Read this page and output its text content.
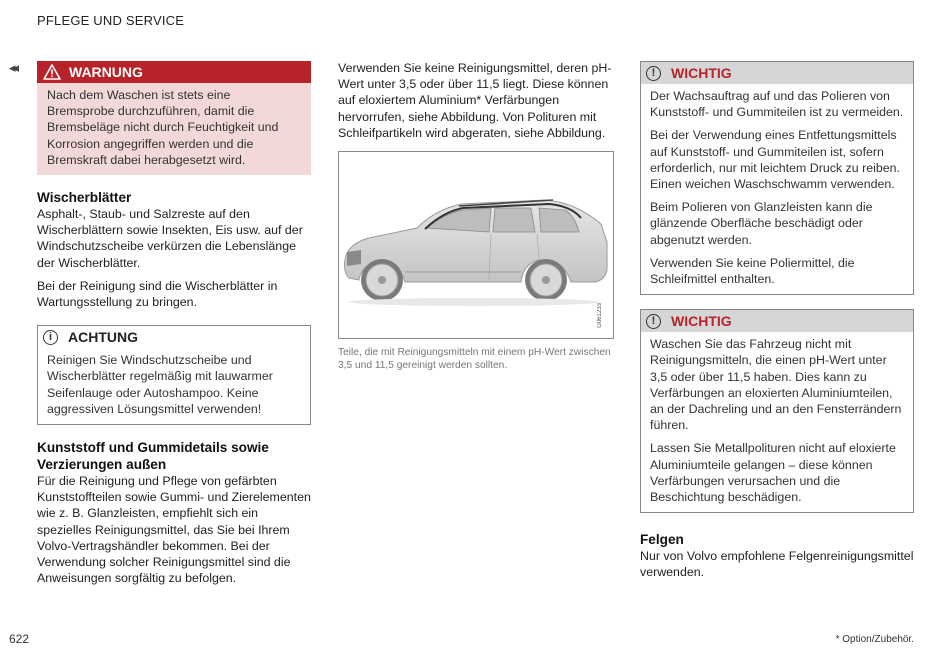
PFLEGE UND SERVICE
◂◂	WARNUNG

Nach dem Waschen ist stets eine Bremsprobe durchzuführen, damit die Bremsbeläge nicht durch Feuchtigkeit und Korrosion angegriffen werden und die Bremskraft dabei herabgesetzt wird.

Wischerblätter

Asphalt-, Staub- und Salzreste auf den Wischerblättern sowie Insekten, Eis usw. auf der Windschutzscheibe verkürzen die Lebenslänge der Wischerblätter.

Bei der Reinigung sind die Wischerblätter in Wartungsstellung zu bringen.

i	ACHTUNG

Reinigen Sie Windschutzscheibe und Wischerblätter regelmäßig mit lauwarmer Seifenlauge oder Autoshampoo. Keine aggressiven Lösungsmittel verwenden!

Kunststoff und Gummidetails sowie Verzierungen außen

Für die Reinigung und Pflege von gefärbten Kunststoffteilen sowie Gummi- und Zierelementen wie z. B. Glanzleisten, empfiehlt sich ein spezielles Reinigungsmittel, das Sie bei Ihrem Volvo-Vertragshändler bekommen. Bei der Verwendung solcher Reinigungsmittel sind die Anweisungen sorgfältig zu befolgen.

Verwenden Sie keine Reinigungsmittel, deren pH-Wert unter 3,5 oder über 11,5 liegt. Diese können auf eloxiertem Aluminium* Verfärbungen hervorrufen, siehe Abbildung. Von Polituren mit Schleifpartikeln wird abgeraten, siehe Abbildung.

G061233
Teile, die mit Reinigungsmitteln mit einem pH-Wert zwischen 3,5 und 11,5 gereinigt werden sollten.
!	WICHTIG

Der Wachsauftrag auf und das Polieren von Kunststoff- und Gummiteilen ist zu vermeiden.

Bei der Verwendung eines Entfettungsmittels auf Kunststoff- und Gummiteilen ist, sofern erforderlich, nur mit leichtem Druck zu reiben. Einen weichen Waschschwamm verwenden.

Beim Polieren von Glanzleisten kann die glänzende Oberfläche beschädigt oder abgenutzt werden.

Verwenden Sie keine Poliermittel, die Schleifmittel enthalten.

!	WICHTIG

Waschen Sie das Fahrzeug nicht mit Reinigungsmitteln, die einen pH-Wert unter 3,5 oder über 11,5 haben. Dies kann zu Verfärbungen an eloxierten Aluminiumteilen, an der Dachreling und an den Fensterrändern führen.

Lassen Sie Metallpolituren nicht auf eloxierte Aluminiumteile gelangen – diese können Verfärbungen verursachen und die Beschichtung beschädigen.

Felgen

Nur von Volvo empfohlene Felgenreinigungsmittel verwenden.

622	* Option/Zubehör.
